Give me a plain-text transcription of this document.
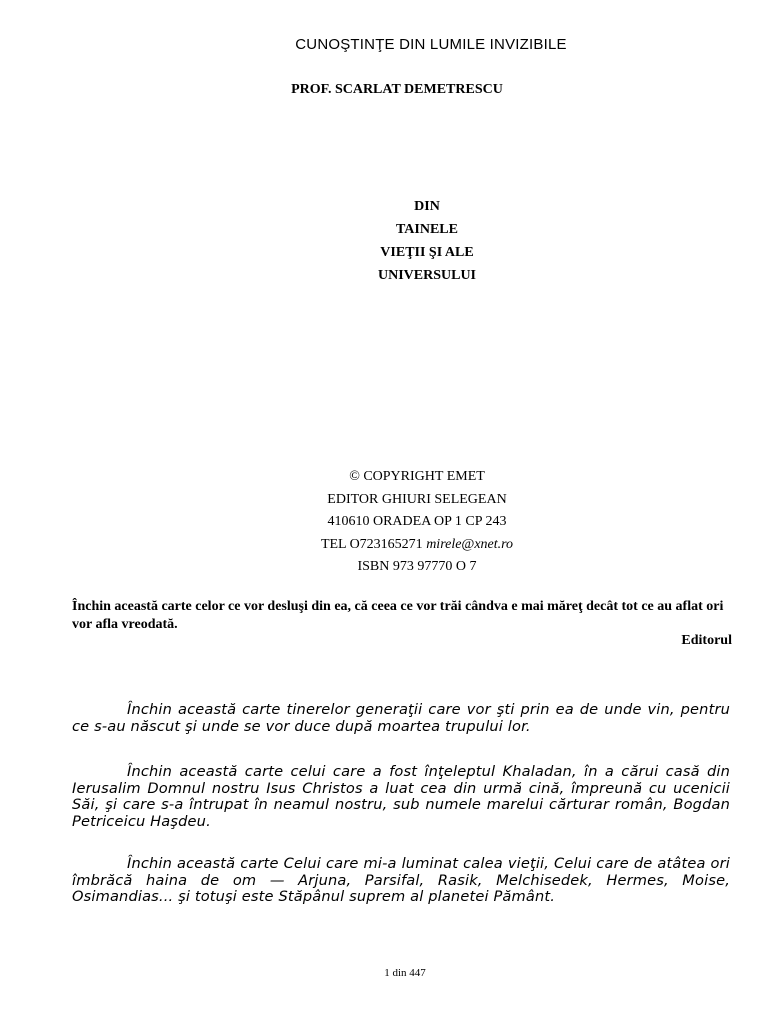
CUNOŞTINŢE DIN LUMILE INVIZIBILE
PROF. SCARLAT DEMETRESCU
DIN
TAINELE
VIEŢII ŞI ALE
UNIVERSULUI
© COPYRIGHT EMET
EDITOR GHIURI SELEGEAN
410610 ORADEA OP 1 CP 243
TEL O723165271 mirele@xnet.ro
ISBN 973 97770 O 7
Închin această carte celor ce vor desluşi din ea, că ceea ce vor trăi cândva e mai măreţ decât tot ce au aflat ori vor afla vreodată.
Editorul
Închin această carte tinerelor generaţii care vor şti prin ea de unde vin, pentru ce s-au născut şi unde se vor duce după moartea trupului lor.
Închin această carte celui care a fost înţeleptul Khaladan, în a cărui casă din Ierusalim Domnul nostru Isus Christos a luat cea din urmă cină, împreună cu ucenicii Săi, şi care s-a întrupat în neamul nostru, sub numele marelui cărturar român, Bogdan Petriceicu Haşdeu.
Închin această carte Celui care mi-a luminat calea vieţii, Celui care de atâtea ori îmbrăcă haina de om — Arjuna, Parsifal, Rasik, Melchisedek, Hermes, Moise, Osimandias... şi totuşi este Stăpânul suprem al planetei Pământ.
1 din 447
